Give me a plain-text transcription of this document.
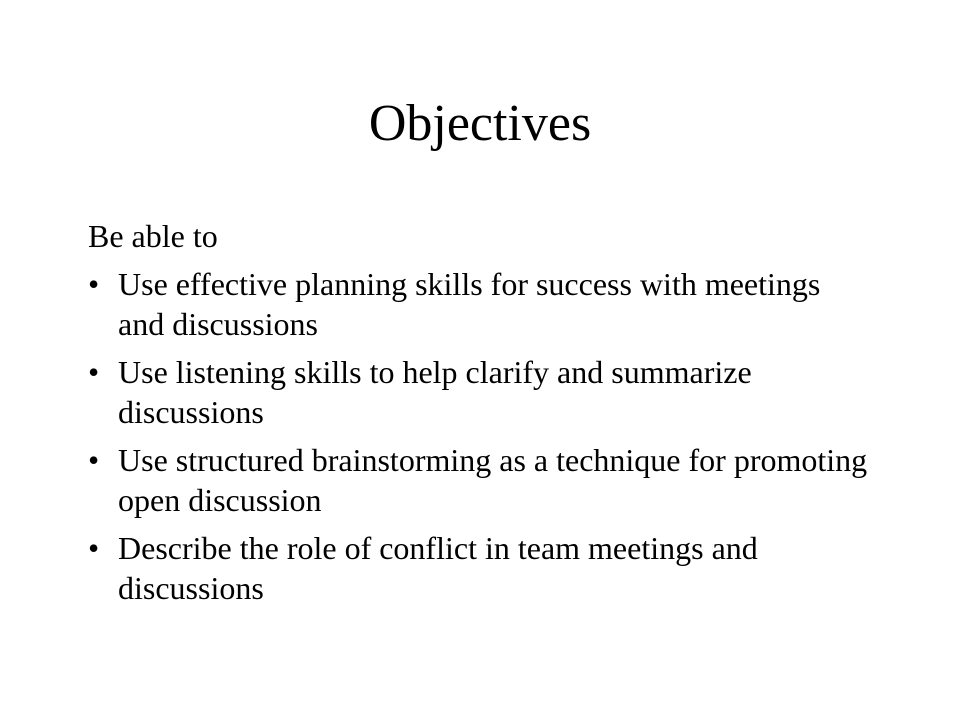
Objectives

Be able to

• Use effective planning skills for success with meetings and discussions
• Use listening skills to help clarify and summarize discussions
• Use structured brainstorming as a technique for promoting open discussion
• Describe the role of conflict in team meetings and discussions
